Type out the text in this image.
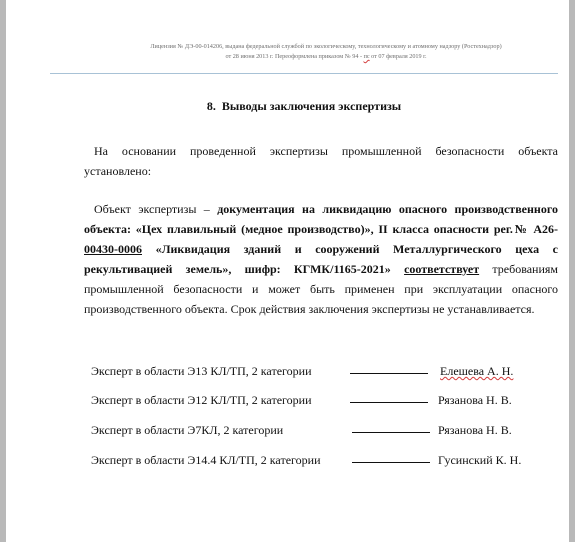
Лицензия № ДЭ-00-014206, выдана федеральной службой по экологическому, технологическому и атомному надзору (Ростехнадзор)
от 28 июня 2013 г. Переоформлена приказом № 94 - пс от 07 февраля 2019 г.
8. Выводы заключения экспертизы
На основании проведенной экспертизы промышленной безопасности объекта установлено:
Объект экспертизы – документация на ликвидацию опасного производственного объекта: «Цех плавильный (медное производство)», II класса опасности рег.№ А26-00430-0006 «Ликвидация зданий и сооружений Металлургического цеха с рекультивацией земель», шифр: КГМК/1165-2021» соответствует требованиям промышленной безопасности и может быть применен при эксплуатации опасного производственного объекта. Срок действия заключения экспертизы не устанавливается.
Эксперт в области Э13 КЛ/ТП, 2 категории	Елешева А. Н.
Эксперт в области Э12 КЛ/ТП, 2 категории	Рязанова Н. В.
Эксперт в области Э7КЛ, 2 категории	Рязанова Н. В.
Эксперт в области Э14.4 КЛ/ТП, 2 категории	Гусинский К. Н.
